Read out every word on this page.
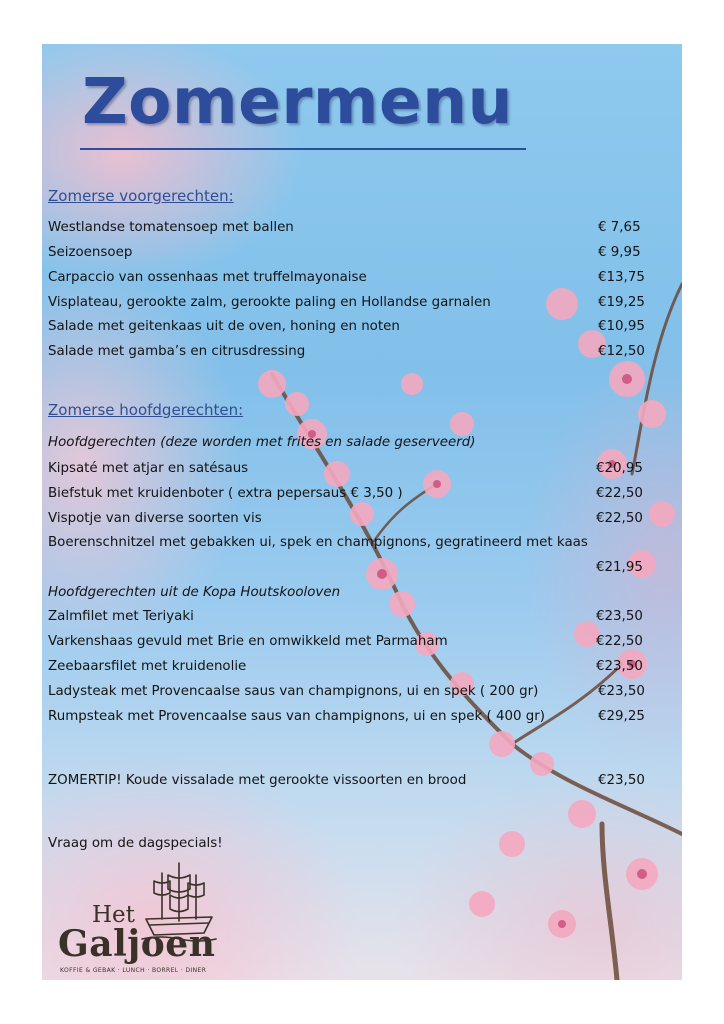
Zomermenu
Zomerse voorgerechten:
Westlandse tomatensoep met ballen	€ 7,65
Seizoensoep	€ 9,95
Carpaccio van ossenhaas met truffelmayonaise	€13,75
Visplateau, gerookte zalm, gerookte paling en Hollandse garnalen	€19,25
Salade met geitenkaas uit de oven, honing en noten	€10,95
Salade met gamba’s en citrusdressing	€12,50
Zomerse hoofdgerechten:
Hoofdgerechten (deze worden met frites en salade geserveerd)
Kipsaté met atjar en satésaus	€20,95
Biefstuk met kruidenboter ( extra pepersaus € 3,50 )	€22,50
Vispotje van diverse soorten vis	€22,50
Boerenschnitzel met gebakken ui, spek en champignons, gegratineerd met kaas
€21,95
Hoofdgerechten uit de Kopa Houtskooloven
Zalmfilet met Teriyaki	€23,50
Varkenshaas gevuld met Brie en omwikkeld met Parmaham	€22,50
Zeebaarsfilet met kruidenolie	€23,50
Ladysteak met Provencaalse saus van champignons, ui en spek ( 200 gr)	€23,50
Rumpsteak met Provencaalse saus van champignons, ui en spek ( 400 gr)	€29,25
ZOMERTIP! Koude vissalade met gerookte vissoorten en brood	€23,50
Vraag om de dagspecials!
Het
Galjoen
KOFFIE & GEBAK · LUNCH · BORREL · DINER
